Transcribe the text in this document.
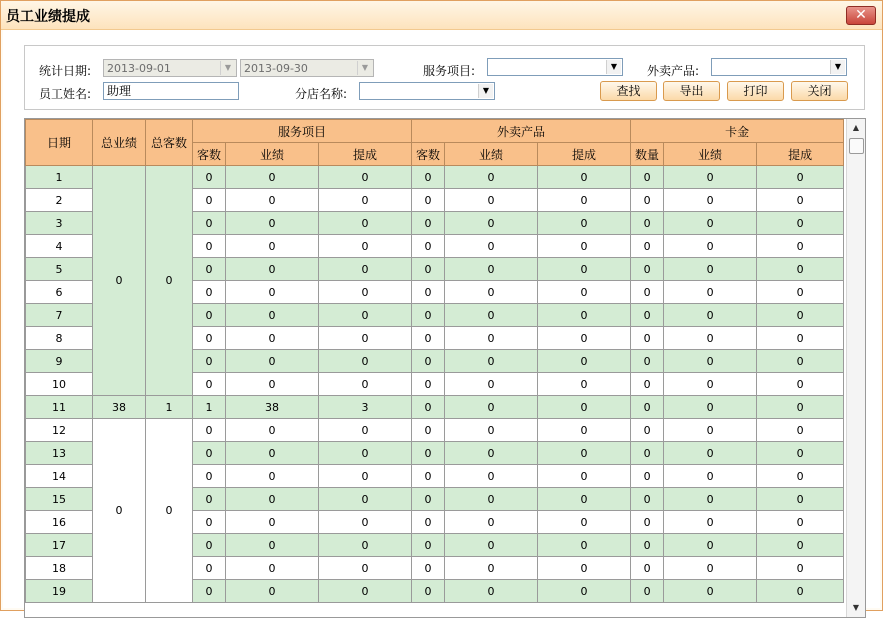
员工业绩提成	✕
统计日期: 2013-09-01	▼	2013-09-30	▼	服务项目:	▼	外卖产品:	▼
员工姓名:	助理	分店名称:	▼	查找	导出	打印	关闭
日期	总业绩	总客数	服务项目			外卖产品			卡金		
			客数	业绩	提成	客数	业绩	提成	数量	业绩	提成
1	0	0	0	0	0	0	0	0	0	0	0
2			0	0	0	0	0	0	0	0	0
3			0	0	0	0	0	0	0	0	0
4			0	0	0	0	0	0	0	0	0
5			0	0	0	0	0	0	0	0	0
6			0	0	0	0	0	0	0	0	0
7			0	0	0	0	0	0	0	0	0
8			0	0	0	0	0	0	0	0	0
9			0	0	0	0	0	0	0	0	0
10			0	0	0	0	0	0	0	0	0
11	38	1	1	38	3	0	0	0	0	0	0
12	0	0	0	0	0	0	0	0	0	0	0
13			0	0	0	0	0	0	0	0	0
14			0	0	0	0	0	0	0	0	0
15			0	0	0	0	0	0	0	0	0
16			0	0	0	0	0	0	0	0	0
17			0	0	0	0	0	0	0	0	0
18			0	0	0	0	0	0	0	0	0
19			0	0	0	0	0	0	0	0	0
▲
▼
